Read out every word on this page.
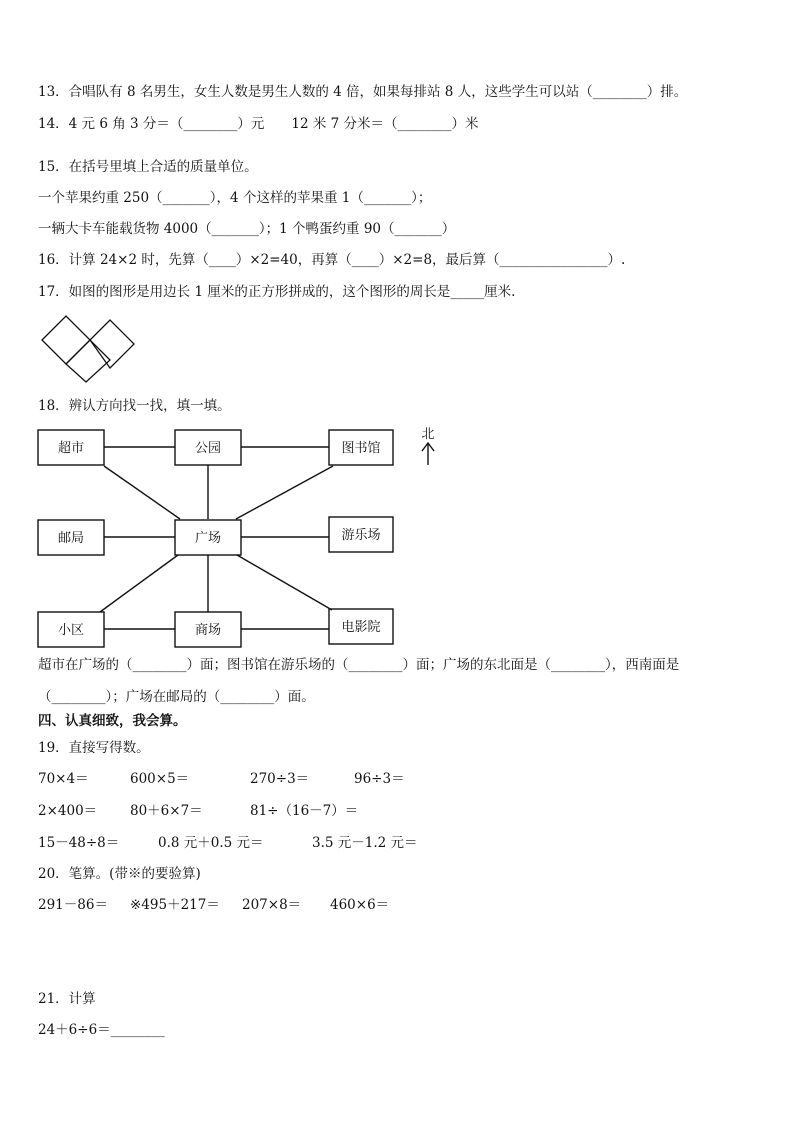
13．合唱队有 8 名男生，女生人数是男生人数的 4 倍，如果每排站 8 人，这些学生可以站（________）排。
14．4 元 6 角 3 分＝（________）元　　12 米 7 分米＝（________）米
15．在括号里填上合适的质量单位。
一个苹果约重 250（_______），4 个这样的苹果重 1（_______）；
一辆大卡车能载货物 4000（_______）；1 个鸭蛋约重 90（_______）
16．计算 24×2 时，先算（____）×2=40，再算（____）×2=8，最后算（________________）.
17．如图的图形是用边长 1 厘米的正方形拼成的，这个图形的周长是_____厘米.
18．辨认方向找一找，填一填。
超市	公园	图书馆
邮局	广场	游乐场
小区	商场	电影院
北
超市在广场的（________）面；图书馆在游乐场的（________）面；广场的东北面是（________），西南面是
（________）；广场在邮局的（________）面。
四、认真细致，我会算。
19．直接写得数。
70×4＝	600×5＝	270÷3＝	96÷3＝
2×400＝ 80＋6×7＝	81÷（16－7）＝
15－48÷8＝	0.8 元＋0.5 元＝	3.5 元－1.2 元＝
20．笔算。(带※的要验算)
291－86＝ ※495＋217＝ 207×8＝ 460×6＝
21．计算
24＋6÷6＝________
